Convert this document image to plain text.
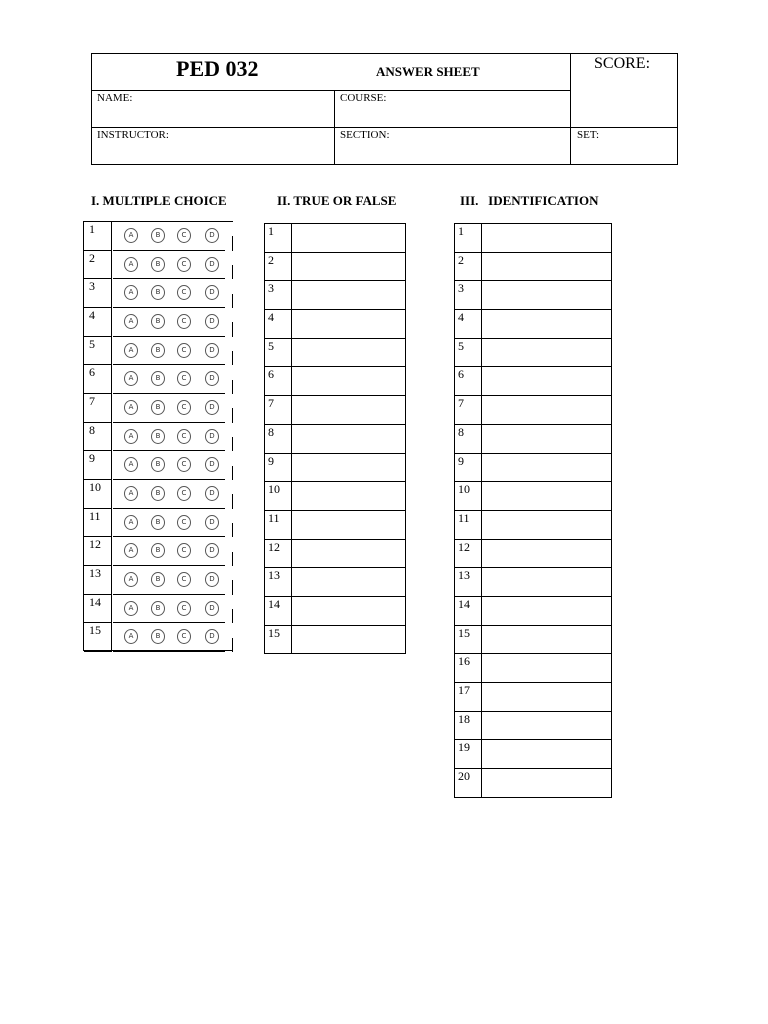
PED 032	ANSWER SHEET	SCORE:
NAME:	COURSE:
INSTRUCTOR:	SECTION:	SET:
I. MULTIPLE CHOICE	II. TRUE OR FALSE	III.   IDENTIFICATION
1	A	B	C	D
2	A	B	C	D
3	A	B	C	D
4	A	B	C	D
5	A	B	C	D
6	A	B	C	D
7	A	B	C	D
8	A	B	C	D
9	A	B	C	D
10	A	B	C	D
11	A	B	C	D
12	A	B	C	D
13	A	B	C	D
14	A	B	C	D
15	A	B	C	D
1	
2	
3	
4	
5	
6	
7	
8	
9	
10	
11	
12	
13	
14	
15	
1	
2	
3	
4	
5	
6	
7	
8	
9	
10	
11	
12	
13	
14	
15	
16	
17	
18	
19	
20	
